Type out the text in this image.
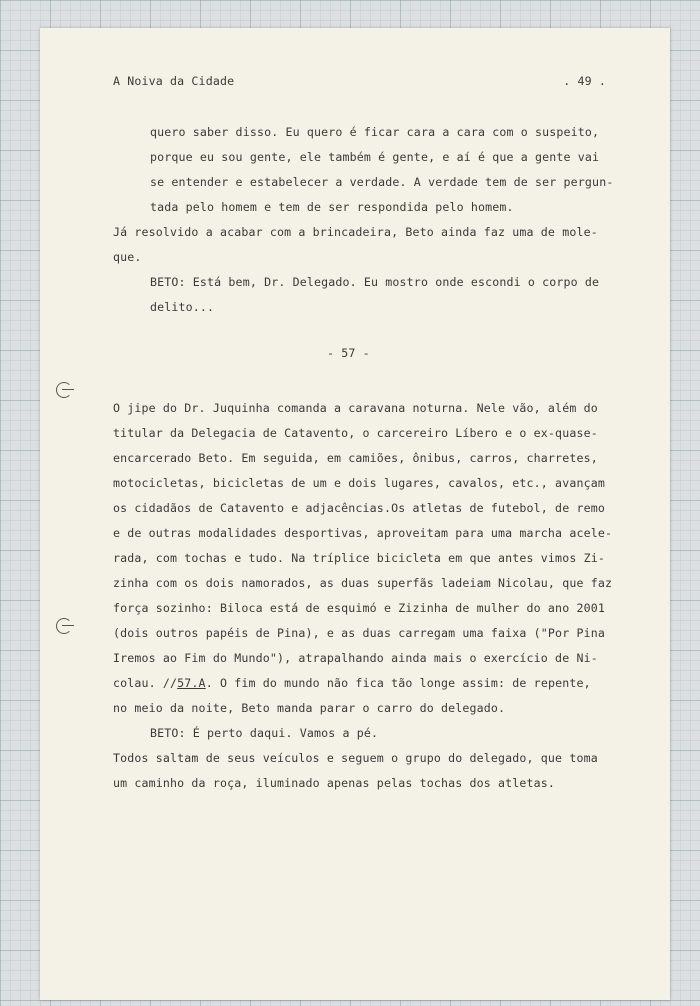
A Noiva da Cidade	. 49 .
quero saber disso. Eu quero é ficar cara a cara com o suspeito,
porque eu sou gente, ele também é gente, e aí é que a gente vai
se entender e estabelecer a verdade. A verdade tem de ser pergun-
tada pelo homem e tem de ser respondida pelo homem.
Já resolvido a acabar com a brincadeira, Beto ainda faz uma de mole-
que.
BETO: Está bem, Dr. Delegado. Eu mostro onde escondi o corpo de
delito...
- 57 -
O jipe do Dr. Juquinha comanda a caravana noturna. Nele vão, além do
titular da Delegacia de Catavento, o carcereiro Líbero e o ex-quase-
encarcerado Beto. Em seguida, em camiões, ônibus, carros, charretes,
motocicletas, bicicletas de um e dois lugares, cavalos, etc., avançam
os cidadãos de Catavento e adjacências.Os atletas de futebol, de remo
e de outras modalidades desportivas, aproveitam para uma marcha acele-
rada, com tochas e tudo. Na tríplice bicicleta em que antes vimos Zi-
zinha com os dois namorados, as duas superfãs ladeiam Nicolau, que faz
força sozinho: Biloca está de esquimó e Zizinha de mulher do ano 2001
(dois outros papéis de Pina), e as duas carregam uma faixa ("Por Pina
Iremos ao Fim do Mundo"), atrapalhando ainda mais o exercício de Ni-
colau. //57.A. O fim do mundo não fica tão longe assim: de repente,
no meio da noite, Beto manda parar o carro do delegado.
BETO: É perto daqui. Vamos a pé.
Todos saltam de seus veículos e seguem o grupo do delegado, que toma
um caminho da roça, iluminado apenas pelas tochas dos atletas.
